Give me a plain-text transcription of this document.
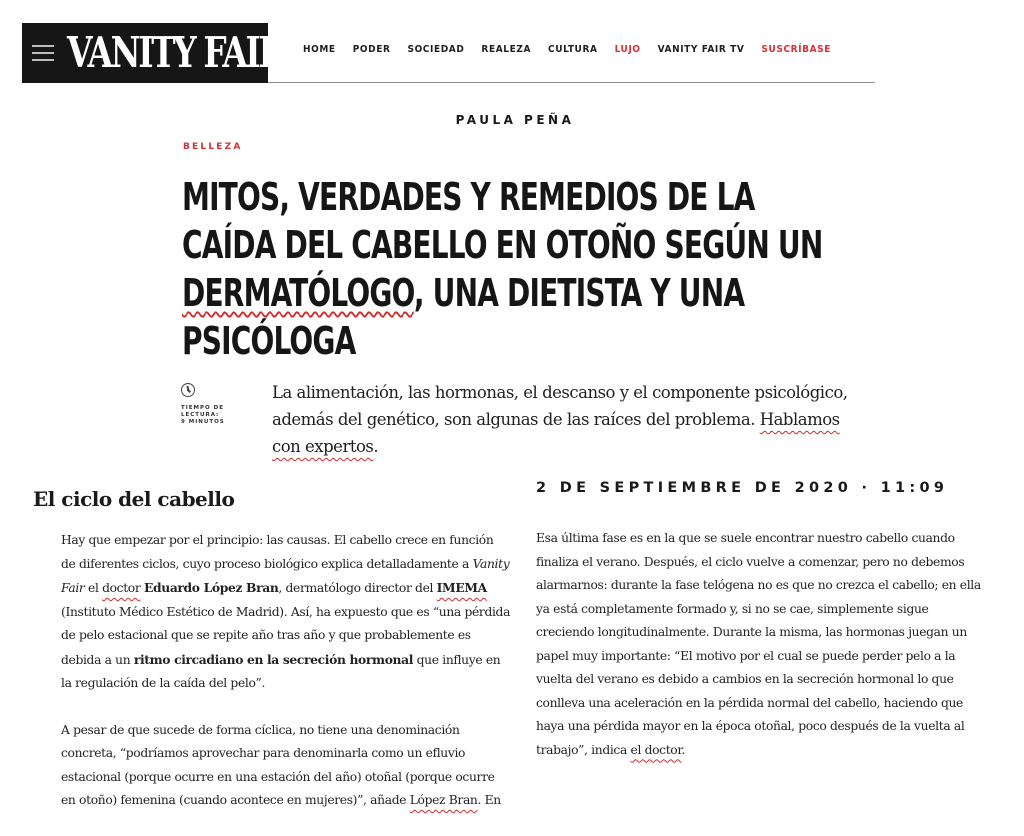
VANITY FAIR HOME PODER SOCIEDAD REALEZA CULTURA LUJO VANITY FAIR TV SUSCRÍBASE
PAULA PEÑA
BELLEZA
MITOS, VERDADES Y REMEDIOS DE LA CAÍDA DEL CABELLO EN OTOÑO SEGÚN UN DERMATÓLOGO, UNA DIETISTA Y UNA PSICÓLOGA
TIEMPO DE
LECTURA:
9 MINUTOS

La alimentación, las hormonas, el descanso y el componente psicológico, además del genético, son algunas de las raíces del problema. Hablamos con expertos.

El ciclo del cabello	2 DE SEPTIEMBRE DE 2020 · 11:09

Hay que empezar por el principio: las causas. El cabello crece en función de diferentes ciclos, cuyo proceso biológico explica detalladamente a Vanity Fair el doctor Eduardo López Bran, dermatólogo director del IMEMA (Instituto Médico Estético de Madrid). Así, ha expuesto que es “una pérdida de pelo estacional que se repite año tras año y que probablemente es debida a un ritmo circadiano en la secreción hormonal que influye en la regulación de la caída del pelo”.

A pesar de que sucede de forma cíclica, no tiene una denominación concreta, “podríamos aprovechar para denominarla como un efluvio estacional (porque ocurre en una estación del año) otoñal (porque ocurre en otoño) femenina (cuando acontece en mujeres)”, añade López Bran. En

Esa última fase es en la que se suele encontrar nuestro cabello cuando finaliza el verano. Después, el ciclo vuelve a comenzar, pero no debemos alarmarnos: durante la fase telógena no es que no crezca el cabello; en ella ya está completamente formado y, si no se cae, simplemente sigue creciendo longitudinalmente. Durante la misma, las hormonas juegan un papel muy importante: “El motivo por el cual se puede perder pelo a la vuelta del verano es debido a cambios en la secreción hormonal lo que conlleva una aceleración en la pérdida normal del cabello, haciendo que haya una pérdida mayor en la época otoñal, poco después de la vuelta al trabajo”, indica el doctor.
